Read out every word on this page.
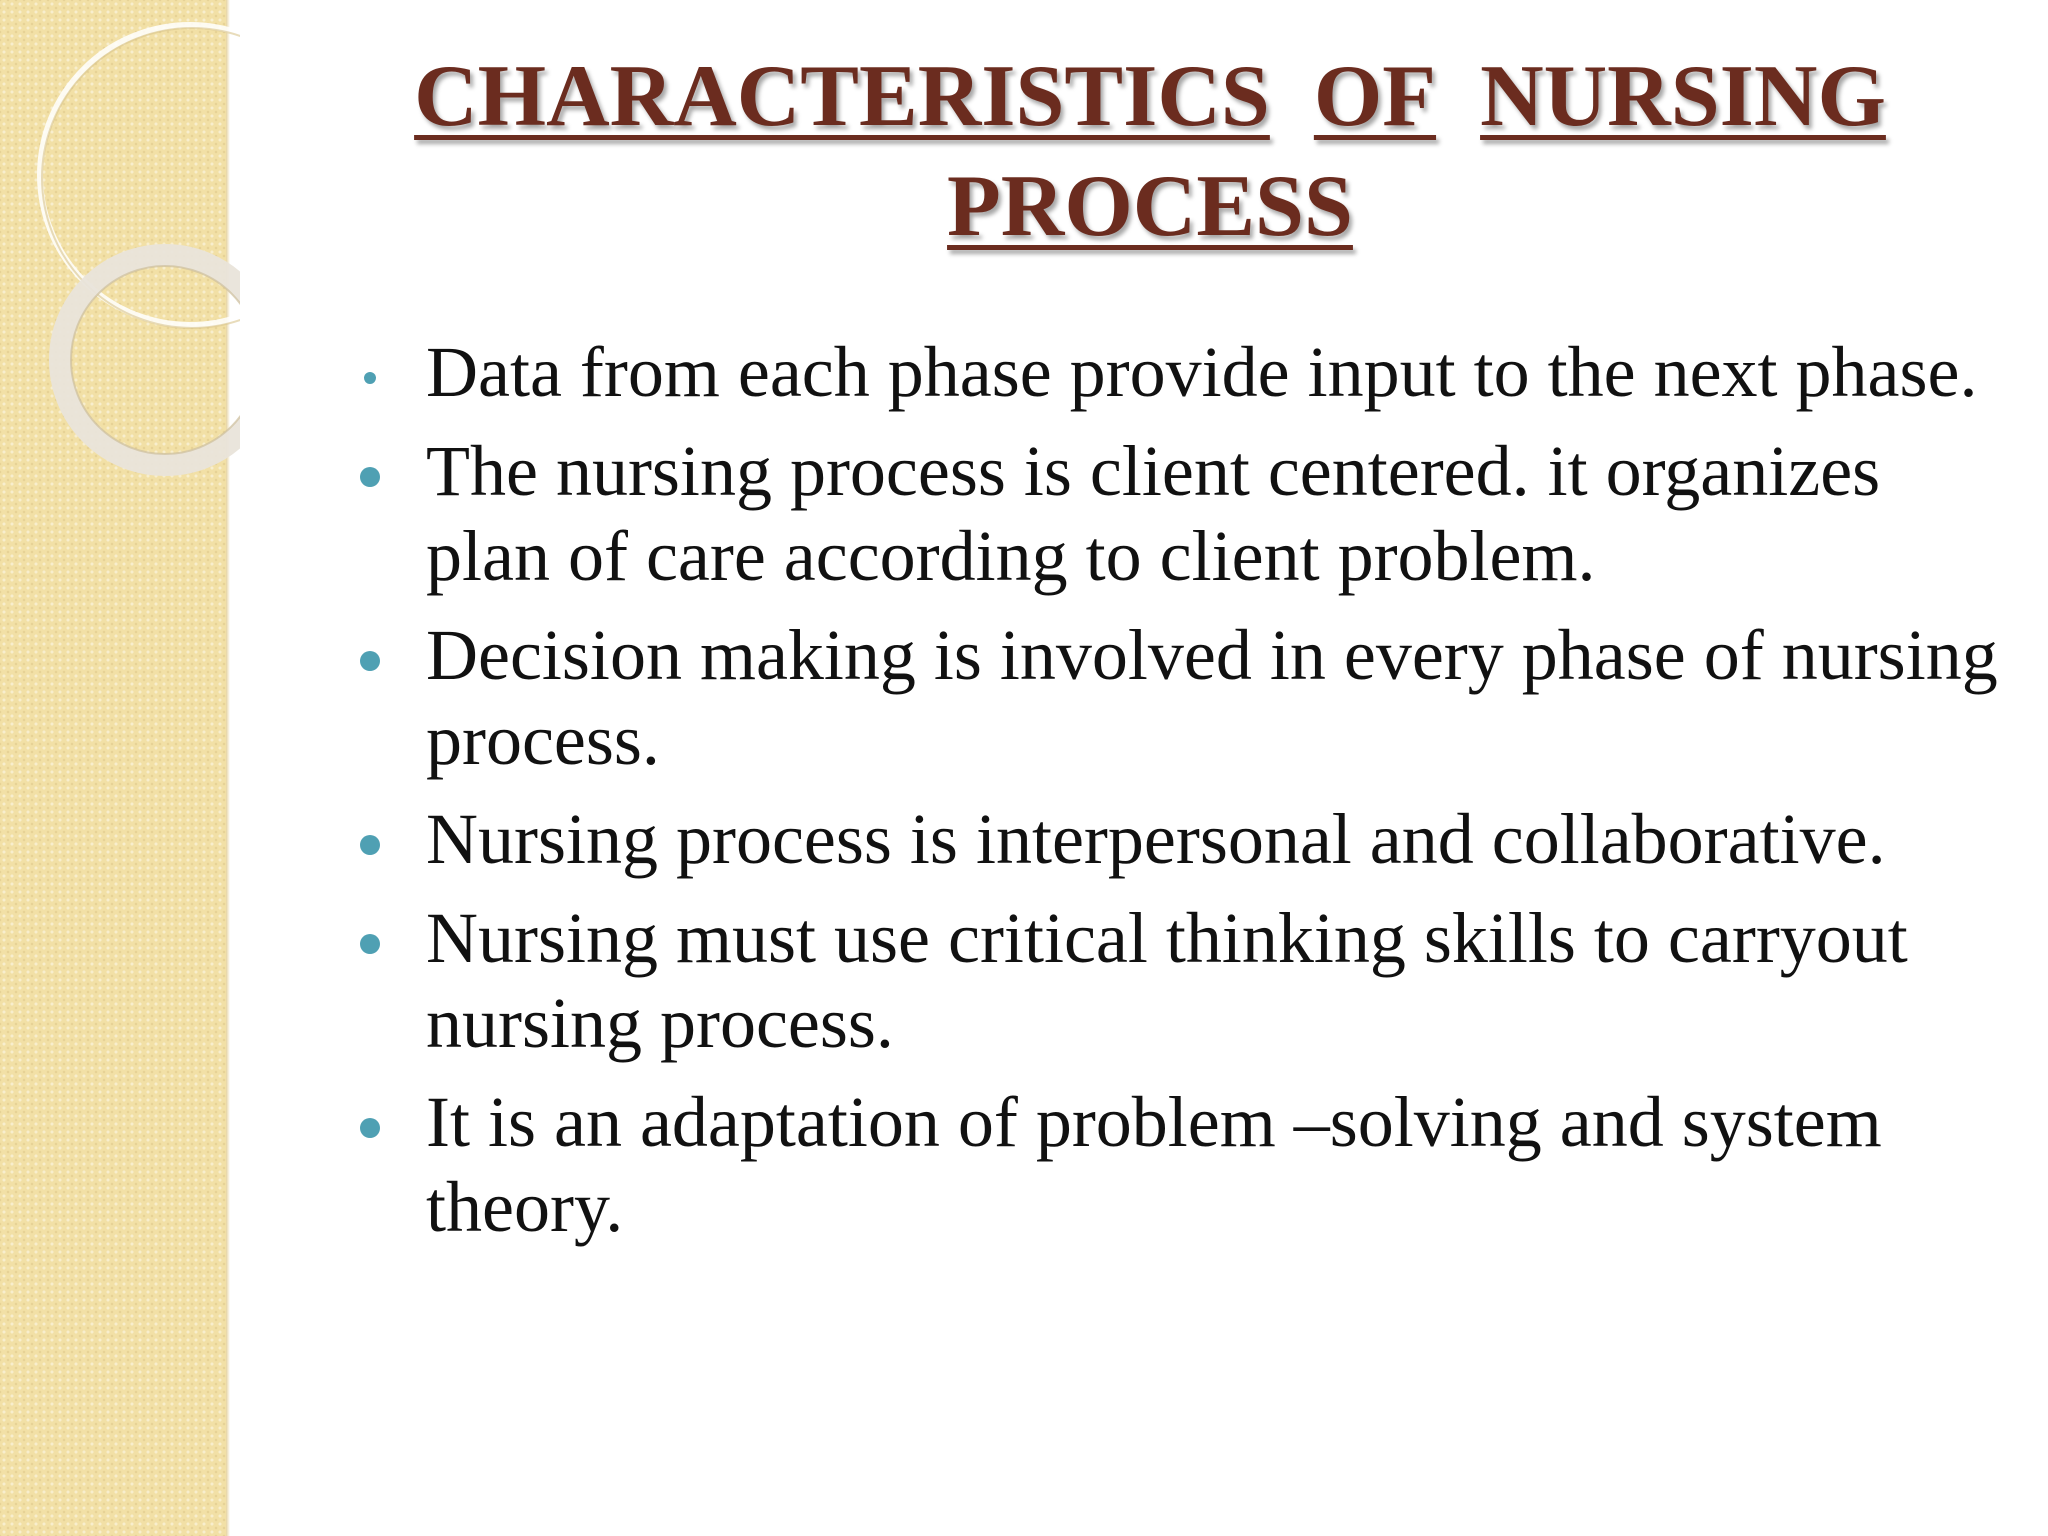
CHARACTERISTICS OF NURSING
PROCESS
Data from each phase provide input to the next phase.
The nursing process is client centered. it organizes plan of care according to client problem.
Decision making is involved in every phase of nursing process.
Nursing process is interpersonal and collaborative.
Nursing must use critical thinking skills to carryout nursing process.
It is an adaptation of problem –solving and system theory.
